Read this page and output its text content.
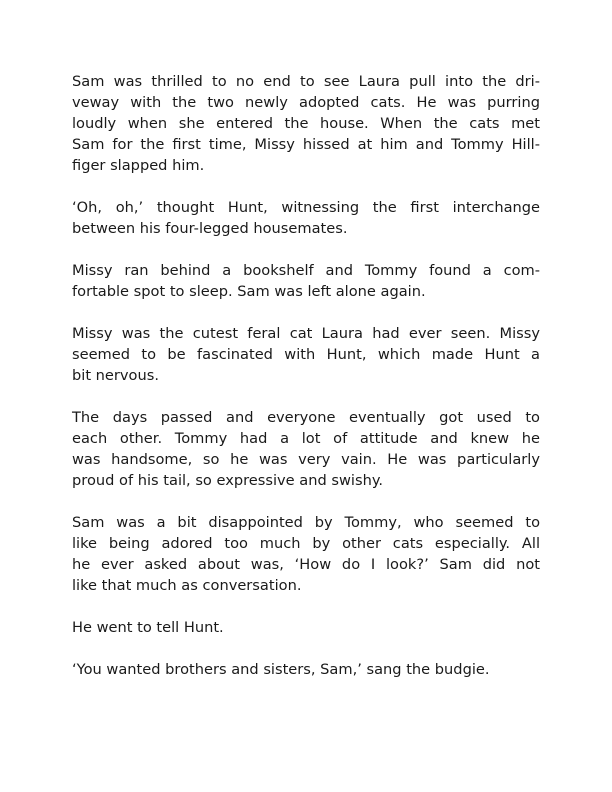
Sam was thrilled to no end to see Laura pull into the dri-
veway with the two newly adopted cats. He was purring
loudly when she entered the house. When the cats met
Sam for the first time, Missy hissed at him and Tommy Hill-
figer slapped him.

‘Oh, oh,’ thought Hunt, witnessing the first interchange
between his four-legged housemates.

Missy ran behind a bookshelf and Tommy found a com-
fortable spot to sleep. Sam was left alone again.

Missy was the cutest feral cat Laura had ever seen. Missy
seemed to be fascinated with Hunt, which made Hunt a
bit nervous.

The days passed and everyone eventually got used to
each other. Tommy had a lot of attitude and knew he
was handsome, so he was very vain. He was particularly
proud of his tail, so expressive and swishy.

Sam was a bit disappointed by Tommy, who seemed to
like being adored too much by other cats especially. All
he ever asked about was, ‘How do I look?’ Sam did not
like that much as conversation.

He went to tell Hunt.

‘You wanted brothers and sisters, Sam,’ sang the budgie.
